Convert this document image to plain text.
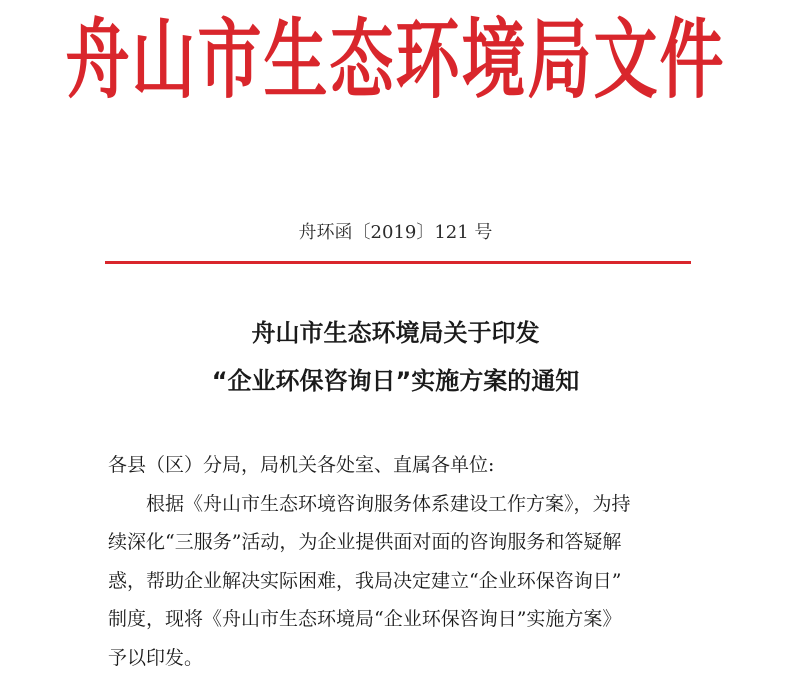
舟山市生态环境局文件
舟环函〔2019〕121 号
舟山市生态环境局关于印发
“企业环保咨询日”实施方案的通知

各县（区）分局，局机关各处室、直属各单位:

根据《舟山市生态环境咨询服务体系建设工作方案》，为持

续深化“三服务”活动，为企业提供面对面的咨询服务和答疑解

惑，帮助企业解决实际困难，我局决定建立“企业环保咨询日”

制度，现将《舟山市生态环境局“企业环保咨询日”实施方案》

予以印发。
